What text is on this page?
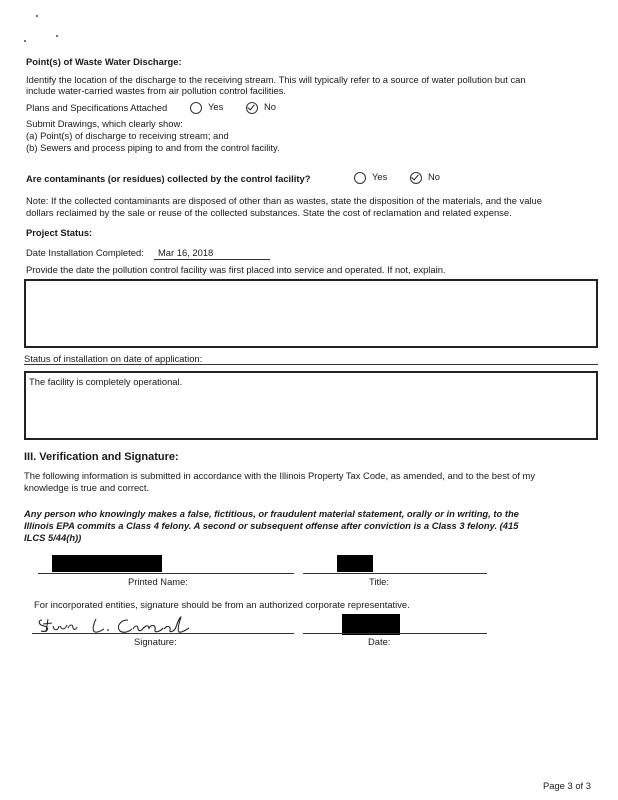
Point(s) of Waste Water Discharge:
Identify the location of the discharge to the receiving stream. This will typically refer to a source of water pollution but can
include water-carried wastes from air pollution control facilities.
Plans and Specifications Attached	Yes	No
Submit Drawings, which clearly show:
(a) Point(s) of discharge to receiving stream; and
(b) Sewers and process piping to and from the control facility.
Are contaminants (or residues) collected by the control facility?	Yes	No
Note: If the collected contaminants are disposed of other than as wastes, state the disposition of the materials, and the value
dollars reclaimed by the sale or reuse of the collected substances. State the cost of reclamation and related expense.
Project Status:
Date Installation Completed: Mar 16, 2018
Provide the date the pollution control facility was first placed into service and operated. If not, explain.
Status of installation on date of application:
The facility is completely operational.
III. Verification and Signature:
The following information is submitted in accordance with the Illinois Property Tax Code, as amended, and to the best of my
knowledge is true and correct.
Any person who knowingly makes a false, fictitious, or fraudulent material statement, orally or in writing, to the
Illinois EPA commits a Class 4 felony. A second or subsequent offense after conviction is a Class 3 felony. (415
ILCS 5/44(h))
Printed Name:	Title:
For incorporated entities, signature should be from an authorized corporate representative.
Signature:	Date:
Page 3 of 3
